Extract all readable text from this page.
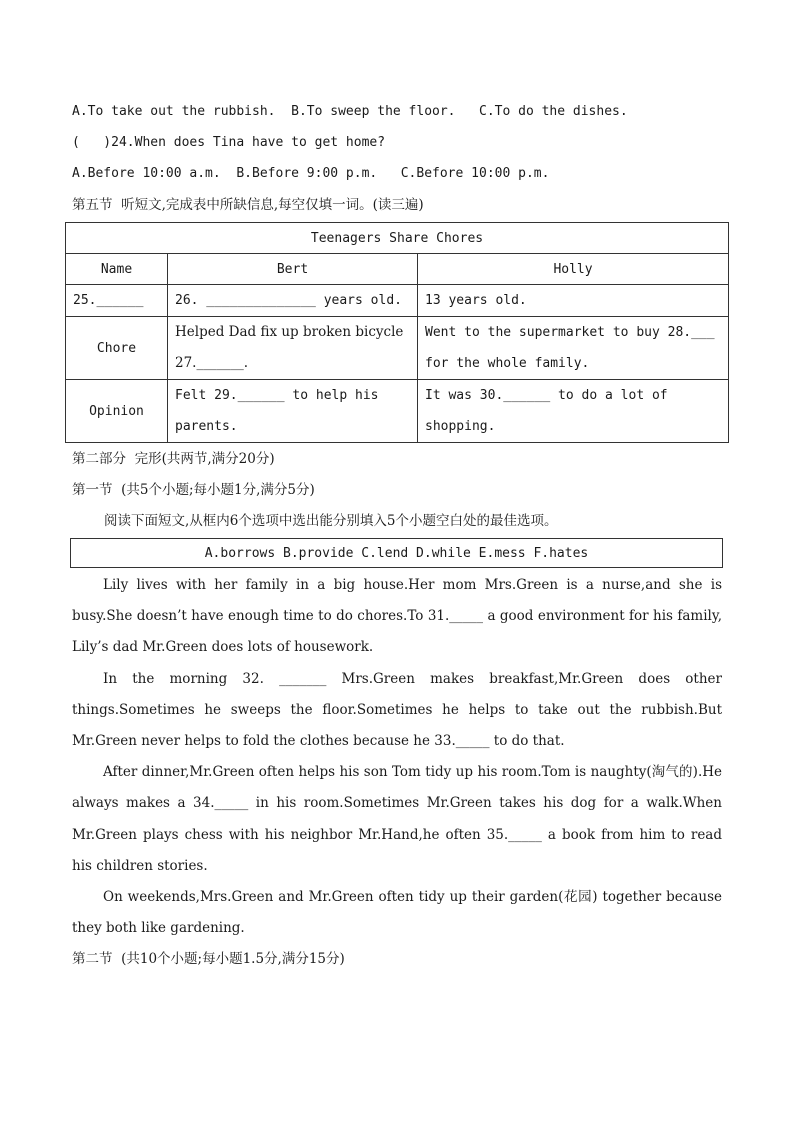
A.To take out the rubbish.  B.To sweep the floor.   C.To do the dishes.
(   )24.When does Tina have to get home?
A.Before 10:00 a.m.  B.Before 9:00 p.m.   C.Before 10:00 p.m.
第五节  听短文,完成表中所缺信息,每空仅填一词。(读三遍)
Teenagers Share Chores		
Name	Bert	Holly
25.______	26. ______________ years old.	13 years old.
Chore	Helped Dad fix up broken bicycle 27._______.	Went to the supermarket to buy 28.___ for the whole family.
Opinion	Felt 29.______ to help his parents.	It was 30.______ to do a lot of shopping.
第二部分  完形(共两节,满分20分)
第一节  (共5个小题;每小题1分,满分5分)
阅读下面短文,从框内6个选项中选出能分别填入5个小题空白处的最佳选项。
A.borrows B.provide C.lend D.while E.mess F.hates

Lily lives with her family in a big house.Her mom Mrs.Green is a nurse,and she is busy.She doesn’t have enough time to do chores.To 31._____ a good environment for his family, Lily’s dad Mr.Green does lots of housework.

In the morning 32. _______ Mrs.Green makes breakfast,Mr.Green does other things.Sometimes he sweeps the floor.Sometimes he helps to take out the rubbish.But Mr.Green never helps to fold the clothes because he 33._____ to do that.

After dinner,Mr.Green often helps his son Tom tidy up his room.Tom is naughty(淘气的).He always makes a 34._____ in his room.Sometimes Mr.Green takes his dog for a walk.When Mr.Green plays chess with his neighbor Mr.Hand,he often 35._____ a book from him to read his children stories.

On weekends,Mrs.Green and Mr.Green often tidy up their garden(花园) together because they both like gardening.

第二节  (共10个小题;每小题1.5分,满分15分)
